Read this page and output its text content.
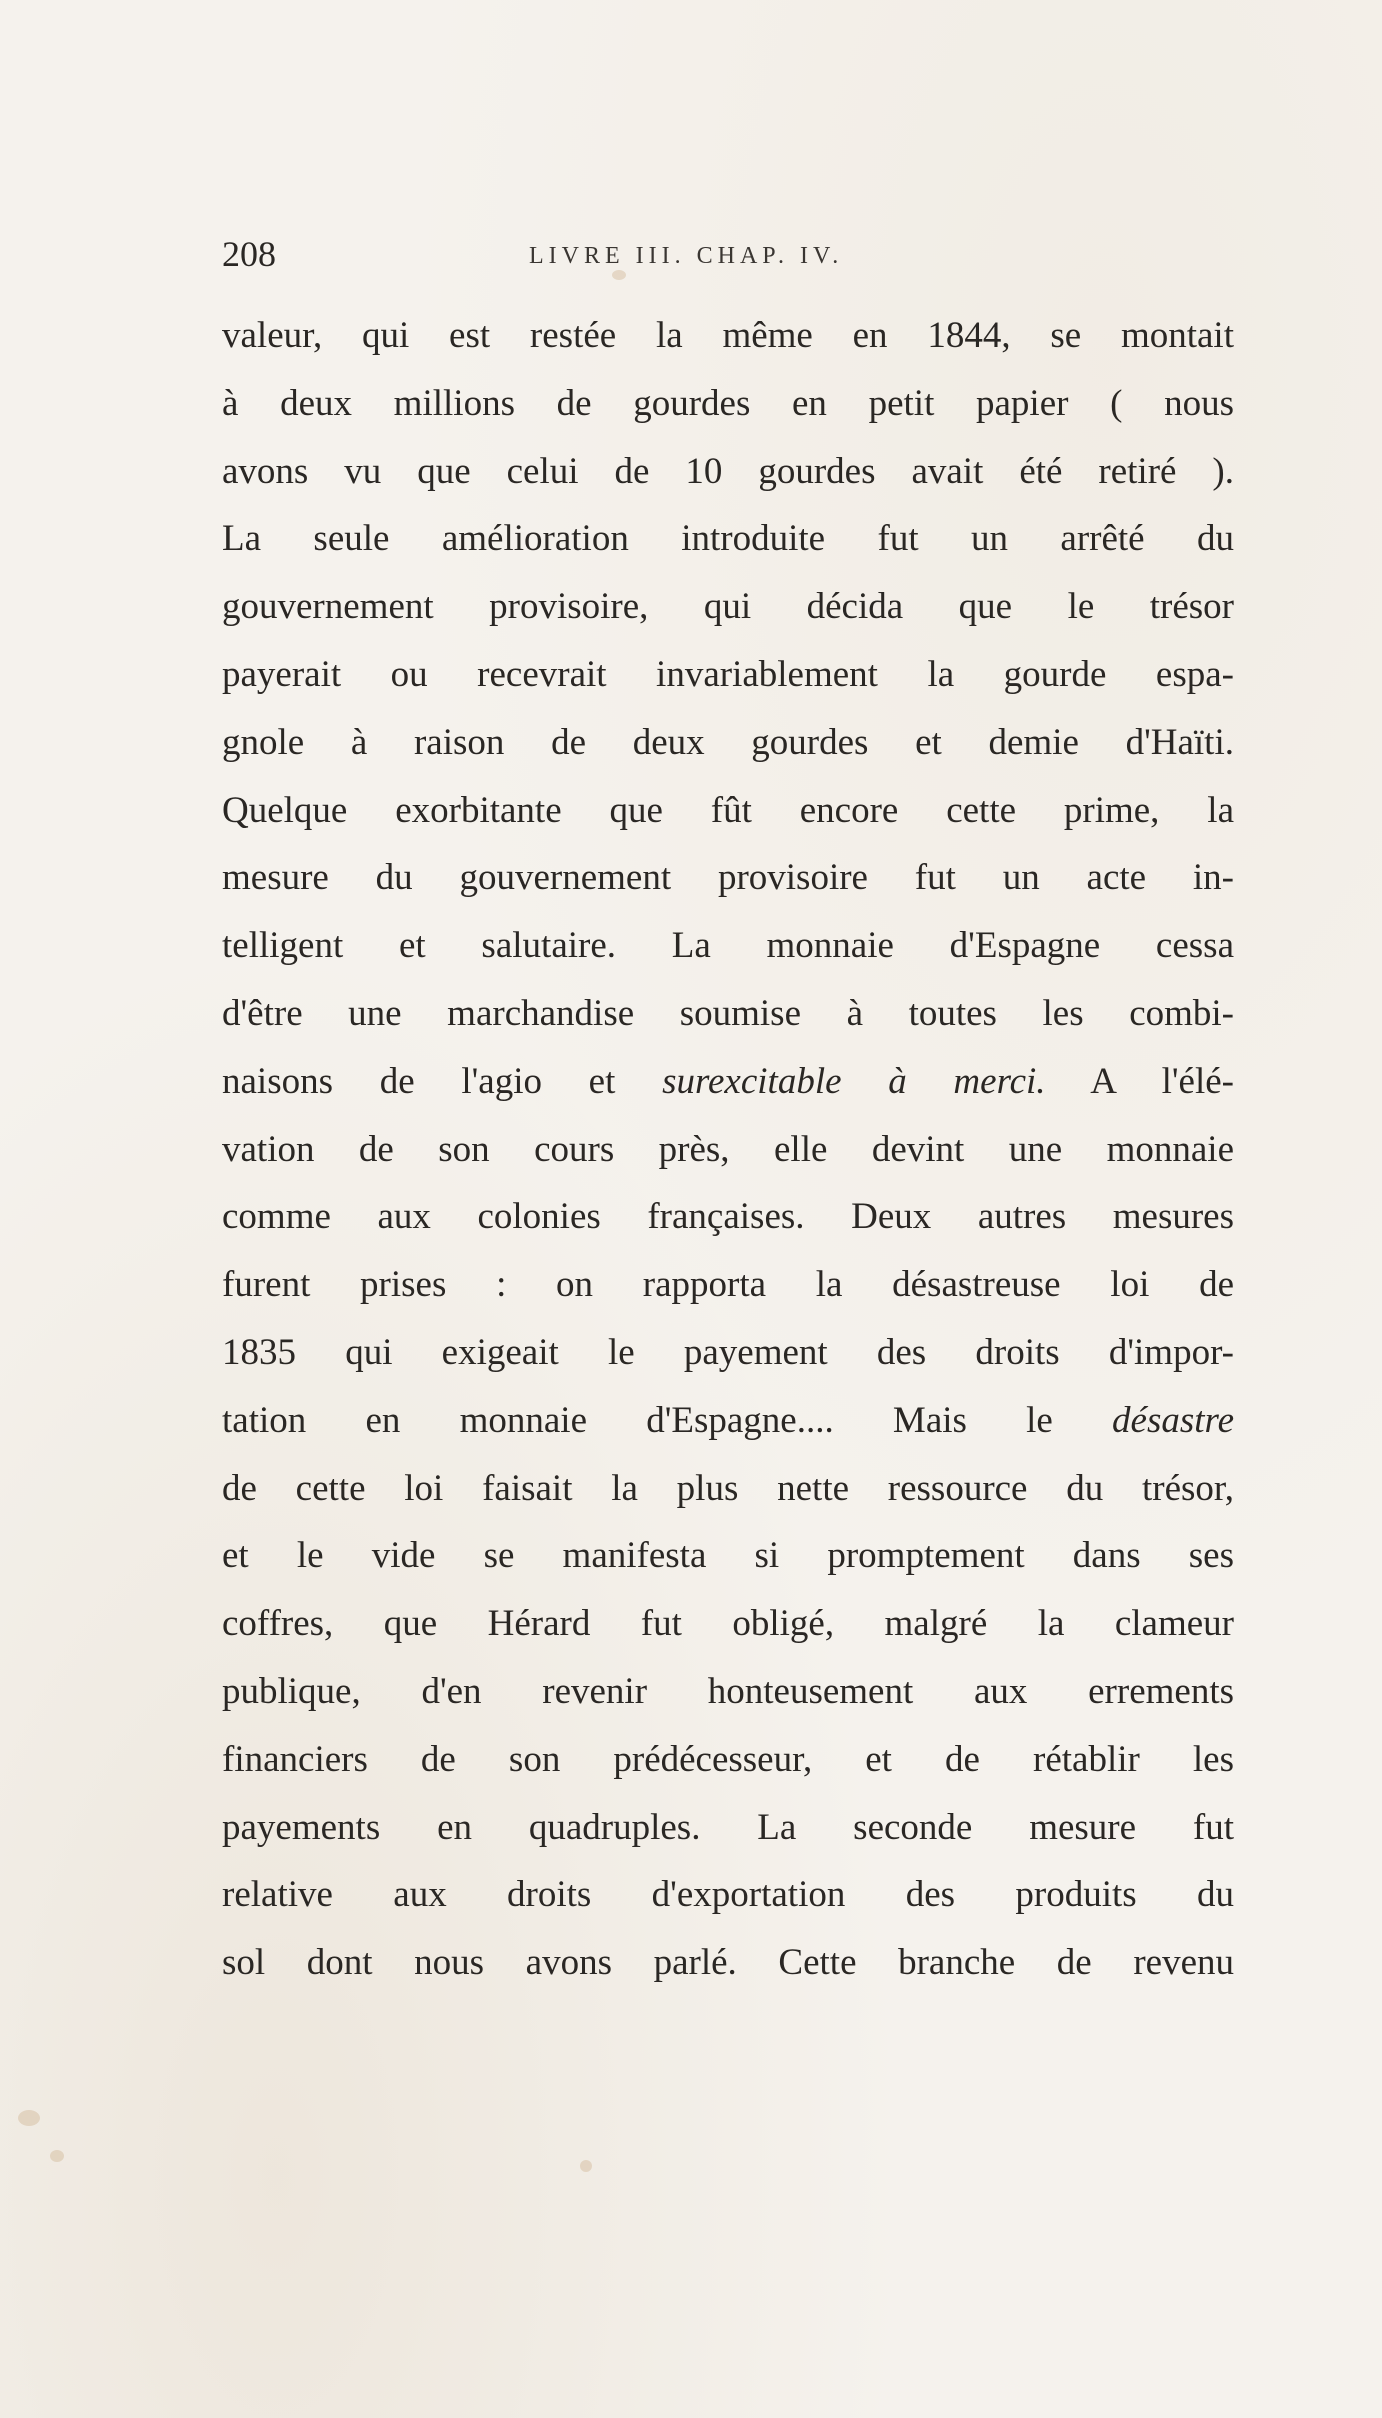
208	LIVRE III. CHAP. IV.
valeur, qui est restée la même en 1844, se montait
à deux millions de gourdes en petit papier ( nous
avons vu que celui de 10 gourdes avait été retiré ).
La seule amélioration introduite fut un arrêté du
gouvernement provisoire, qui décida que le trésor
payerait ou recevrait invariablement la gourde espa-
gnole à raison de deux gourdes et demie d'Haïti.
Quelque exorbitante que fût encore cette prime, la
mesure du gouvernement provisoire fut un acte in-
telligent et salutaire. La monnaie d'Espagne cessa
d'être une marchandise soumise à toutes les combi-
naisons de l'agio et surexcitable à merci. A l'élé-
vation de son cours près, elle devint une monnaie
comme aux colonies françaises. Deux autres mesures
furent prises : on rapporta la désastreuse loi de
1835 qui exigeait le payement des droits d'impor-
tation en monnaie d'Espagne.... Mais le désastre
de cette loi faisait la plus nette ressource du trésor,
et le vide se manifesta si promptement dans ses
coffres, que Hérard fut obligé, malgré la clameur
publique, d'en revenir honteusement aux errements
financiers de son prédécesseur, et de rétablir les
payements en quadruples. La seconde mesure fut
relative aux droits d'exportation des produits du
sol dont nous avons parlé. Cette branche de revenu
